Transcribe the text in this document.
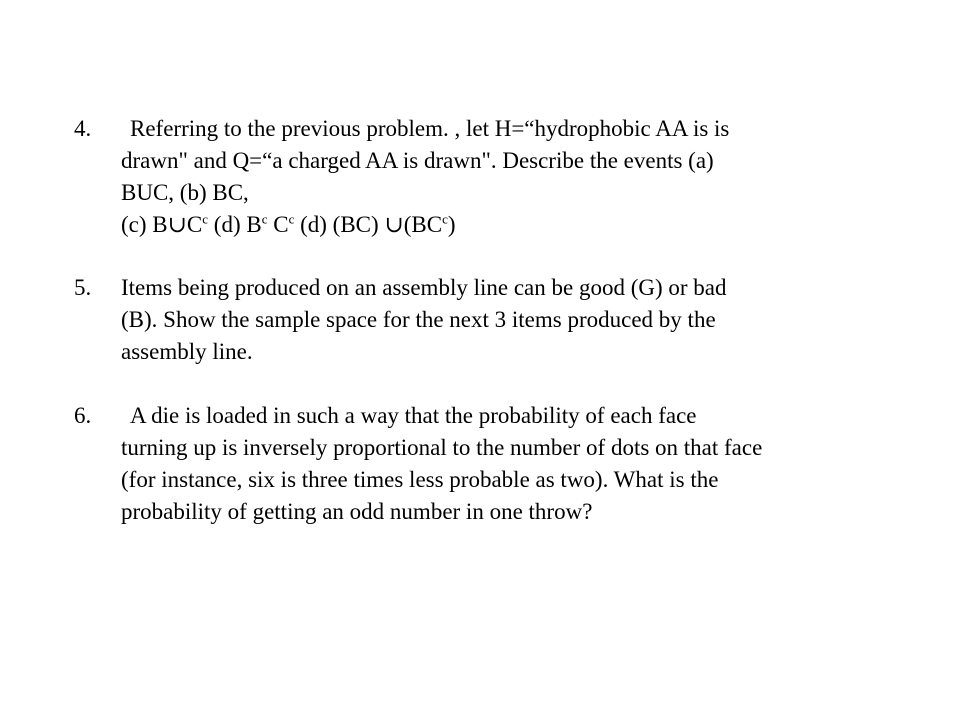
4.	Referring to the previous problem. , let H=“hydrophobic AA is is
drawn" and Q=“a charged AA is drawn". Describe the events (a)
BUC, (b) BC,
(c) $B\cup C^c$ (d) $B^c$ $C^c$ (d) (BC) $\cup(BC^c)$
5.	Items being produced on an assembly line can be good (G) or bad
(B). Show the sample space for the next 3 items produced by the
assembly line.
6.	A die is loaded in such a way that the probability of each face
turning up is inversely proportional to the number of dots on that face
(for instance, six is three times less probable as two). What is the
probability of getting an odd number in one throw?
